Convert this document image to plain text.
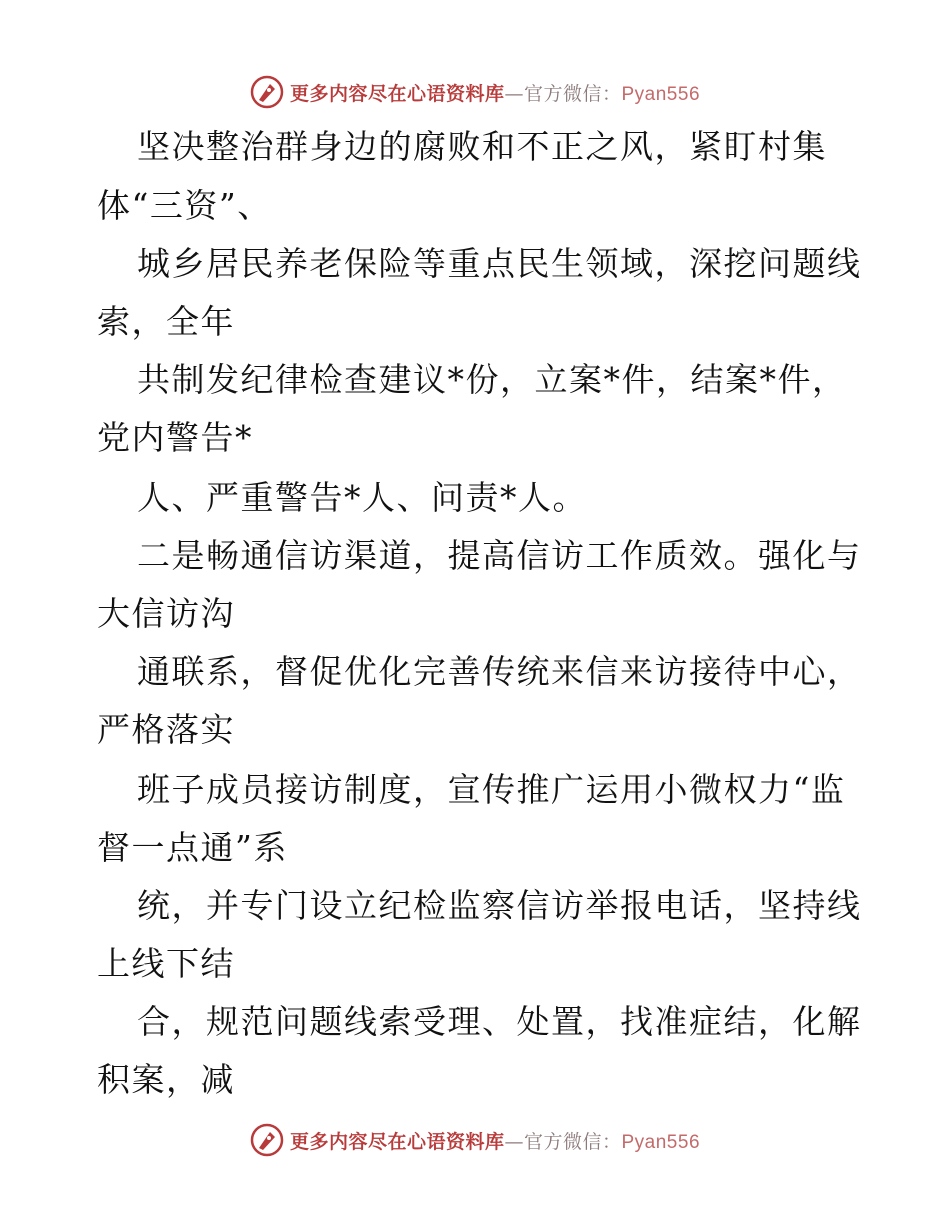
更多内容尽在心语资料库—官方微信：Pyan556
坚决整治群身边的腐败和不正之风，紧盯村集
体“三资”、
城乡居民养老保险等重点民生领域，深挖问题线
索，全年
共制发纪律检查建议*份，立案*件，结案*件，
党内警告*
人、严重警告*人、问责*人。
二是畅通信访渠道，提高信访工作质效。强化与
大信访沟
通联系，督促优化完善传统来信来访接待中心，
严格落实
班子成员接访制度，宣传推广运用小微权力“监
督一点通”系
统，并专门设立纪检监察信访举报电话，坚持线
上线下结
合，规范问题线索受理、处置，找准症结，化解
积案，减
更多内容尽在心语资料库—官方微信：Pyan556
